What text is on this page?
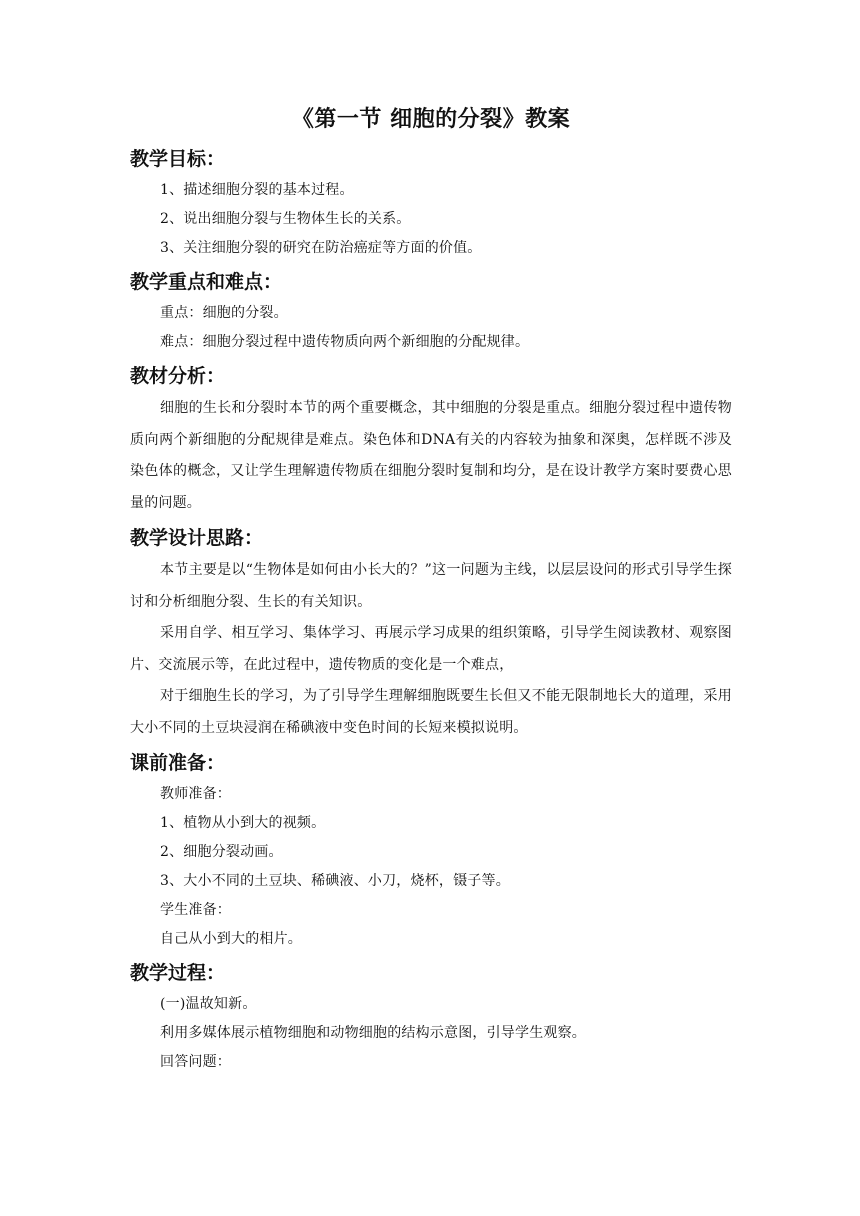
《第一节 细胞的分裂》教案
教学目标：

1、描述细胞分裂的基本过程。

2、说出细胞分裂与生物体生长的关系。

3、关注细胞分裂的研究在防治癌症等方面的价值。

教学重点和难点：

重点：细胞的分裂。

难点：细胞分裂过程中遗传物质向两个新细胞的分配规律。

教材分析：

细胞的生长和分裂时本节的两个重要概念，其中细胞的分裂是重点。细胞分裂过程中遗传物质向两个新细胞的分配规律是难点。染色体和DNA有关的内容较为抽象和深奥，怎样既不涉及染色体的概念，又让学生理解遗传物质在细胞分裂时复制和均分，是在设计教学方案时要费心思量的问题。

教学设计思路：

本节主要是以“生物体是如何由小长大的？”这一问题为主线，以层层设问的形式引导学生探讨和分析细胞分裂、生长的有关知识。

采用自学、相互学习、集体学习、再展示学习成果的组织策略，引导学生阅读教材、观察图片、交流展示等，在此过程中，遗传物质的变化是一个难点，

对于细胞生长的学习，为了引导学生理解细胞既要生长但又不能无限制地长大的道理，采用大小不同的土豆块浸润在稀碘液中变色时间的长短来模拟说明。

课前准备：

教师准备：

1、植物从小到大的视频。

2、细胞分裂动画。

3、大小不同的土豆块、稀碘液、小刀，烧杯，镊子等。

学生准备：

自己从小到大的相片。

教学过程：

(一)温故知新。

利用多媒体展示植物细胞和动物细胞的结构示意图，引导学生观察。

回答问题：
